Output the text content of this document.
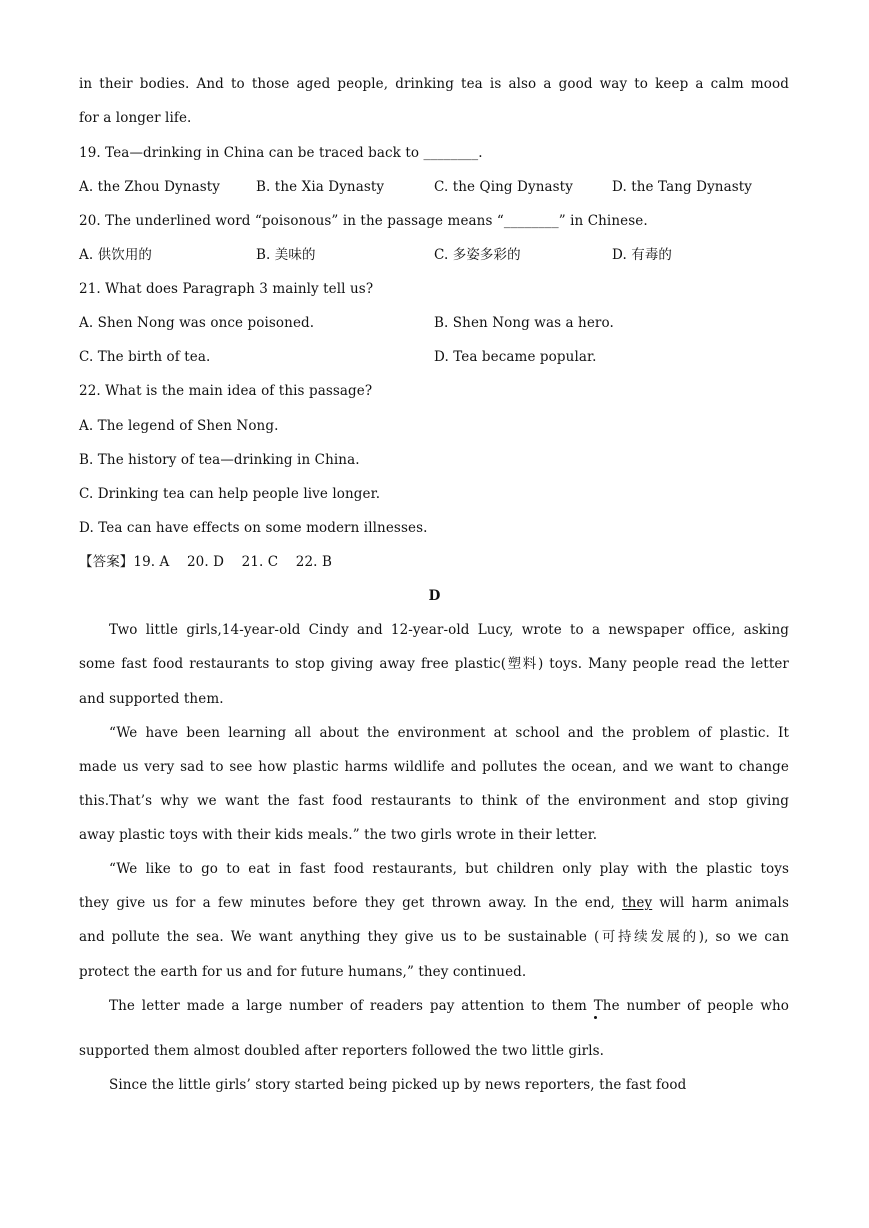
in their bodies. And to those aged people, drinking tea is also a good way to keep a calm mood
for a longer life.
19. Tea—drinking in China can be traced back to ________.
A. the Zhou Dynasty	B. the Xia Dynasty	C. the Qing Dynasty	D. the Tang Dynasty
20. The underlined word “poisonous” in the passage means “________” in Chinese.
A. 供饮用的	B. 美味的	C. 多姿多彩的	D. 有毒的
21. What does Paragraph 3 mainly tell us?
A. Shen Nong was once poisoned.	B. Shen Nong was a hero.
C. The birth of tea.	D. Tea became popular.
22. What is the main idea of this passage?
A. The legend of Shen Nong.
B. The history of tea—drinking in China.
C. Drinking tea can help people live longer.
D. Tea can have effects on some modern illnesses.
【答案】19. A    20. D    21. C    22. B
D
Two little girls,14-year-old Cindy and 12-year-old Lucy, wrote to a newspaper office, asking
some fast food restaurants to stop giving away free plastic(塑料) toys. Many people read the letter
and supported them.
“We have been learning all about the environment at school and the problem of plastic. It
made us very sad to see how plastic harms wildlife and pollutes the ocean, and we want to change
this.That’s why we want the fast food restaurants to think of the environment and stop giving
away plastic toys with their kids meals.” the two girls wrote in their letter.
“We like to go to eat in fast food restaurants, but children only play with the plastic toys
they give us for a few minutes before they get thrown away. In the end, they will harm animals
and pollute the sea. We want anything they give us to be sustainable (可持续发展的), so we can
protect the earth for us and for future humans,” they continued.
The letter made a large number of readers pay attention to them The number of people who
supported them almost doubled after reporters followed the two little girls.
Since the little girls’ story started being picked up by news reporters, the fast food
